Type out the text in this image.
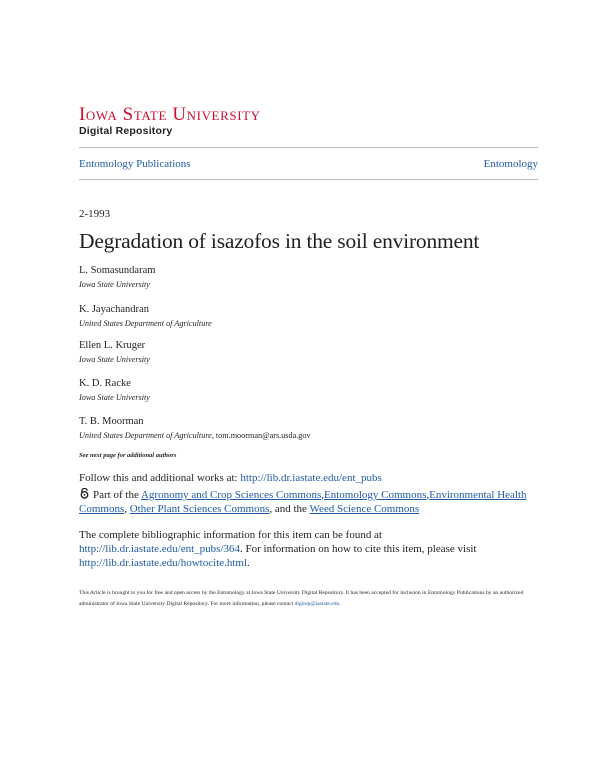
Iowa State University
Digital Repository
Entomology Publications	Entomology
2-1993
Degradation of isazofos in the soil environment
L. Somasundaram
Iowa State University
K. Jayachandran
United States Department of Agriculture
Ellen L. Kruger
Iowa State University
K. D. Racke
Iowa State University
T. B. Moorman
United States Department of Agriculture, tom.moorman@ars.usda.gov
See next page for additional authors
Follow this and additional works at: http://lib.dr.iastate.edu/ent_pubs
Part of the Agronomy and Crop Sciences Commons,Entomology Commons,Environmental Health Commons, Other Plant Sciences Commons, and the Weed Science Commons
The complete bibliographic information for this item can be found at http://lib.dr.iastate.edu/ent_pubs/364. For information on how to cite this item, please visit http://lib.dr.iastate.edu/howtocite.html.
This Article is brought to you for free and open access by the Entomology at Iowa State University Digital Repository. It has been accepted for inclusion in Entomology Publications by an authorized administrator of Iowa State University Digital Repository. For more information, please contact digirep@iastate.edu.
